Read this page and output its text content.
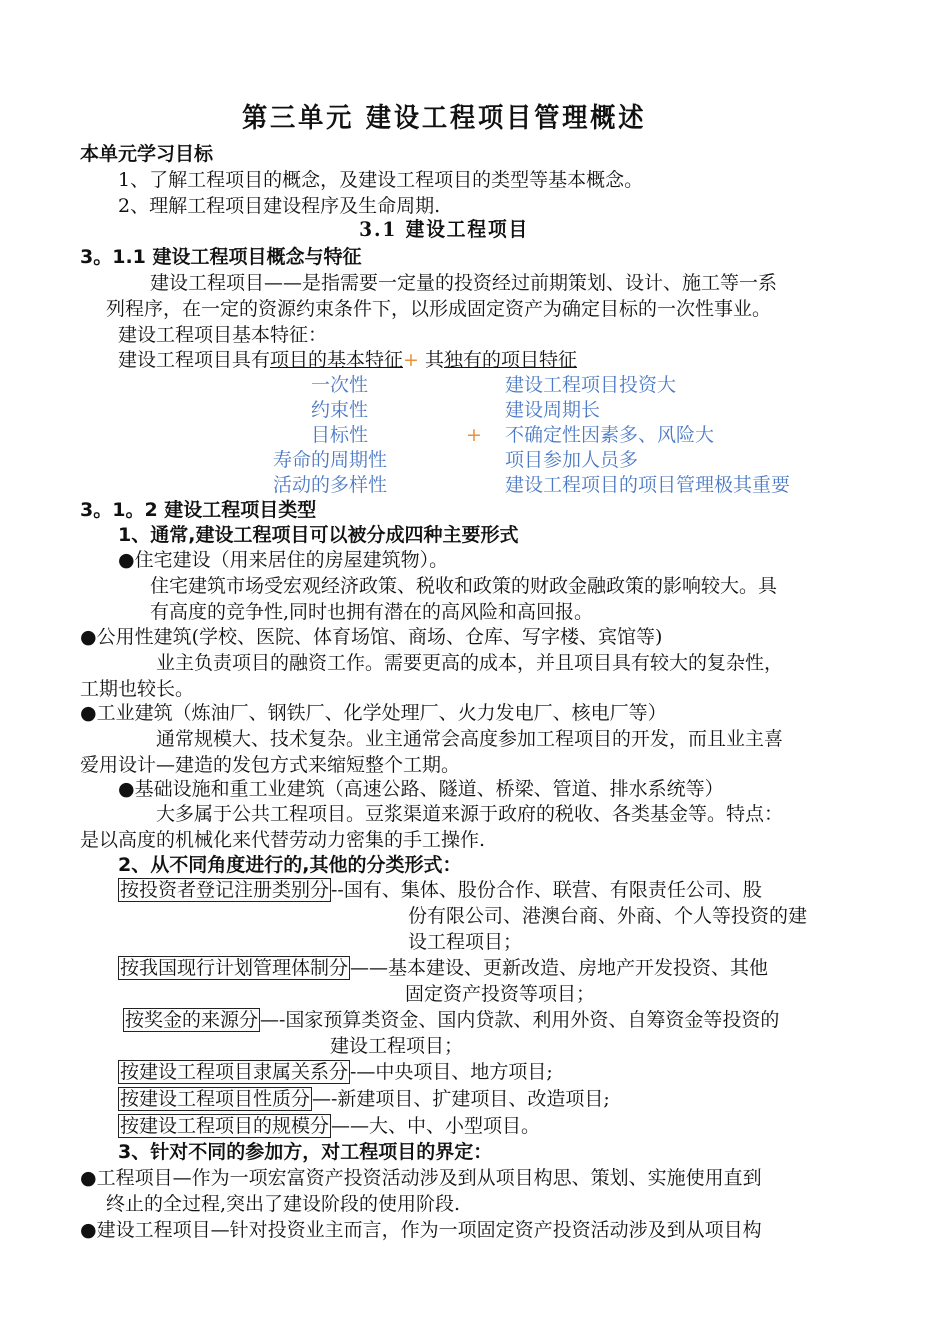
第三单元 建设工程项目管理概述
本单元学习目标
1、了解工程项目的概念，及建设工程项目的类型等基本概念。
2、理解工程项目建设程序及生命周期.
3.1 建设工程项目
3。1.1 建设工程项目概念与特征
建设工程项目——是指需要一定量的投资经过前期策划、设计、施工等一系
列程序，在一定的资源约束条件下，以形成固定资产为确定目标的一次性事业。
建设工程项目基本特征：
建设工程项目具有项目的基本特征+ 其独有的项目特征
一次性
约束性
目标性
寿命的周期性
活动的多样性
+
建设工程项目投资大
建设周期长
不确定性因素多、风险大
项目参加人员多
建设工程项目的项目管理极其重要
3。1。2 建设工程项目类型
1、通常,建设工程项目可以被分成四种主要形式
●住宅建设（用来居住的房屋建筑物）。
住宅建筑市场受宏观经济政策、税收和政策的财政金融政策的影响较大。具
有高度的竞争性,同时也拥有潜在的高风险和高回报。
●公用性建筑(学校、医院、体育场馆、商场、仓库、写字楼、宾馆等)
业主负责项目的融资工作。需要更高的成本，并且项目具有较大的复杂性，
工期也较长。
●工业建筑（炼油厂、钢铁厂、化学处理厂、火力发电厂、核电厂等）
通常规模大、技术复杂。业主通常会高度参加工程项目的开发，而且业主喜
爱用设计—建造的发包方式来缩短整个工期。
●基础设施和重工业建筑（高速公路、隧道、桥梁、管道、排水系统等）
大多属于公共工程项目。豆浆渠道来源于政府的税收、各类基金等。特点：
是以高度的机械化来代替劳动力密集的手工操作.
2、从不同角度进行的,其他的分类形式：
按投资者登记注册类别分 --国有、集体、股份合作、联营、有限责任公司、股
份有限公司、港澳台商、外商、个人等投资的建
设工程项目；
按我国现行计划管理体制分 ——基本建设、更新改造、房地产开发投资、其他
固定资产投资等项目；
按奖金的来源分 —-国家预算类资金、国内贷款、利用外资、自筹资金等投资的
建设工程项目；
按建设工程项目隶属关系分 -—中央项目、地方项目;
按建设工程项目性质分 —-新建项目、扩建项目、改造项目;
按建设工程项目的规模分 ——大、中、小型项目。
3、针对不同的参加方，对工程项目的界定：
●工程项目—作为一项宏富资产投资活动涉及到从项目构思、策划、实施使用直到
终止的全过程,突出了建设阶段的使用阶段.
●建设工程项目—针对投资业主而言，作为一项固定资产投资活动涉及到从项目构
